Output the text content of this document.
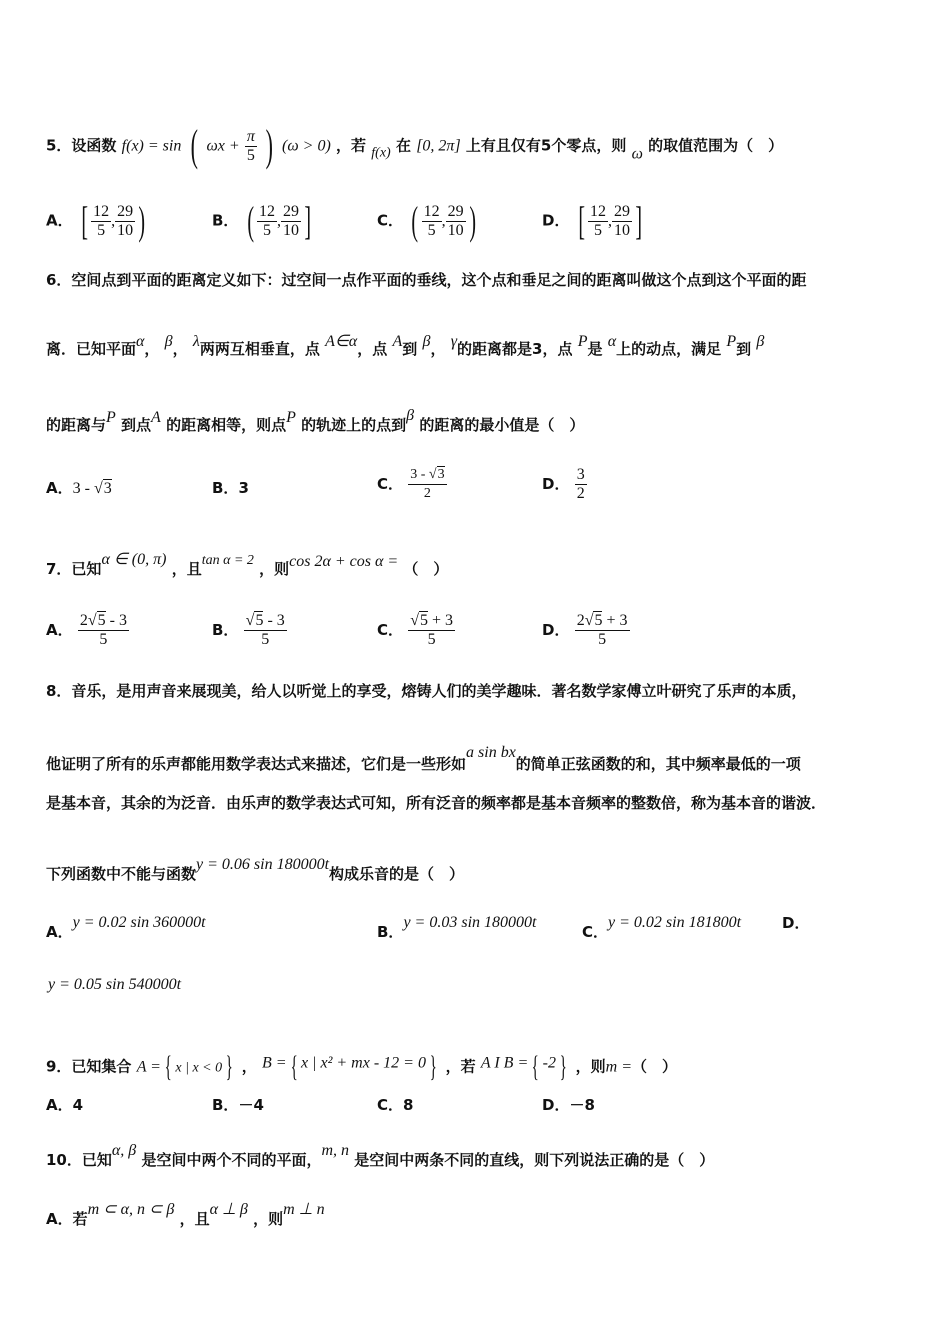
5．设函数 f(x) = sin ( $\omega x + \frac{\pi}{5}$ ) (ω > 0) ，若 f(x) 在 [0, 2π] 上有且仅有5个零点，则 ω 的取值范围为（　）
A． [ $\frac{12}{5}$ , $\frac{29}{10}$ )	B． ( $\frac{12}{5}$ , $\frac{29}{10}$ ]	C． ( $\frac{12}{5}$ , $\frac{29}{10}$ )	D． [ $\frac{12}{5}$ , $\frac{29}{10}$ ]
6．空间点到平面的距离定义如下：过空间一点作平面的垂线，这个点和垂足之间的距离叫做这个点到这个平面的距
离．已知平面α， β， λ两两互相垂直，点 A∈α，点 A到 β， γ的距离都是3，点 P是 α上的动点，满足 P到 β
的距离与P 到点A 的距离相等，则点P 的轨迹上的点到β 的距离的最小值是（　）
A．3 - √3	B．3	C． $\frac{3 - √3}{2}$	D． $\frac{3}{2}$
7．已知α ∈ (0, π) ，且tan α = 2 ，则cos 2α + cos α = （　）
A． $\frac{2√5 - 3}{5}$	B． $\frac{√5 - 3}{5}$	C． $\frac{√5 + 3}{5}$	D． $\frac{2√5 + 3}{5}$
8．音乐，是用声音来展现美，给人以听觉上的享受，熔铸人们的美学趣味．著名数学家傅立叶研究了乐声的本质，
他证明了所有的乐声都能用数学表达式来描述，它们是一些形如a sin bx的简单正弦函数的和，其中频率最低的一项
是基本音，其余的为泛音．由乐声的数学表达式可知，所有泛音的频率都是基本音频率的整数倍，称为基本音的谐波．
下列函数中不能与函数y = 0.06 sin 180000t构成乐音的是（　）
A．y = 0.02 sin 360000t
B．y = 0.03 sin 180000t
C．y = 0.02 sin 181800t	D．
y = 0.05 sin 540000t
9．已知集合 A = { x | x < 0 } ， B = { x | x² + mx - 12 = 0 } ，若 A I B = { -2 } ，则m =（　）
A．4	B．－4	C．8	D．－8
10．已知α, β 是空间中两个不同的平面，m, n 是空间中两条不同的直线，则下列说法正确的是（　）
A．若m ⊂ α, n ⊂ β ，且α ⊥ β ，则m ⊥ n
